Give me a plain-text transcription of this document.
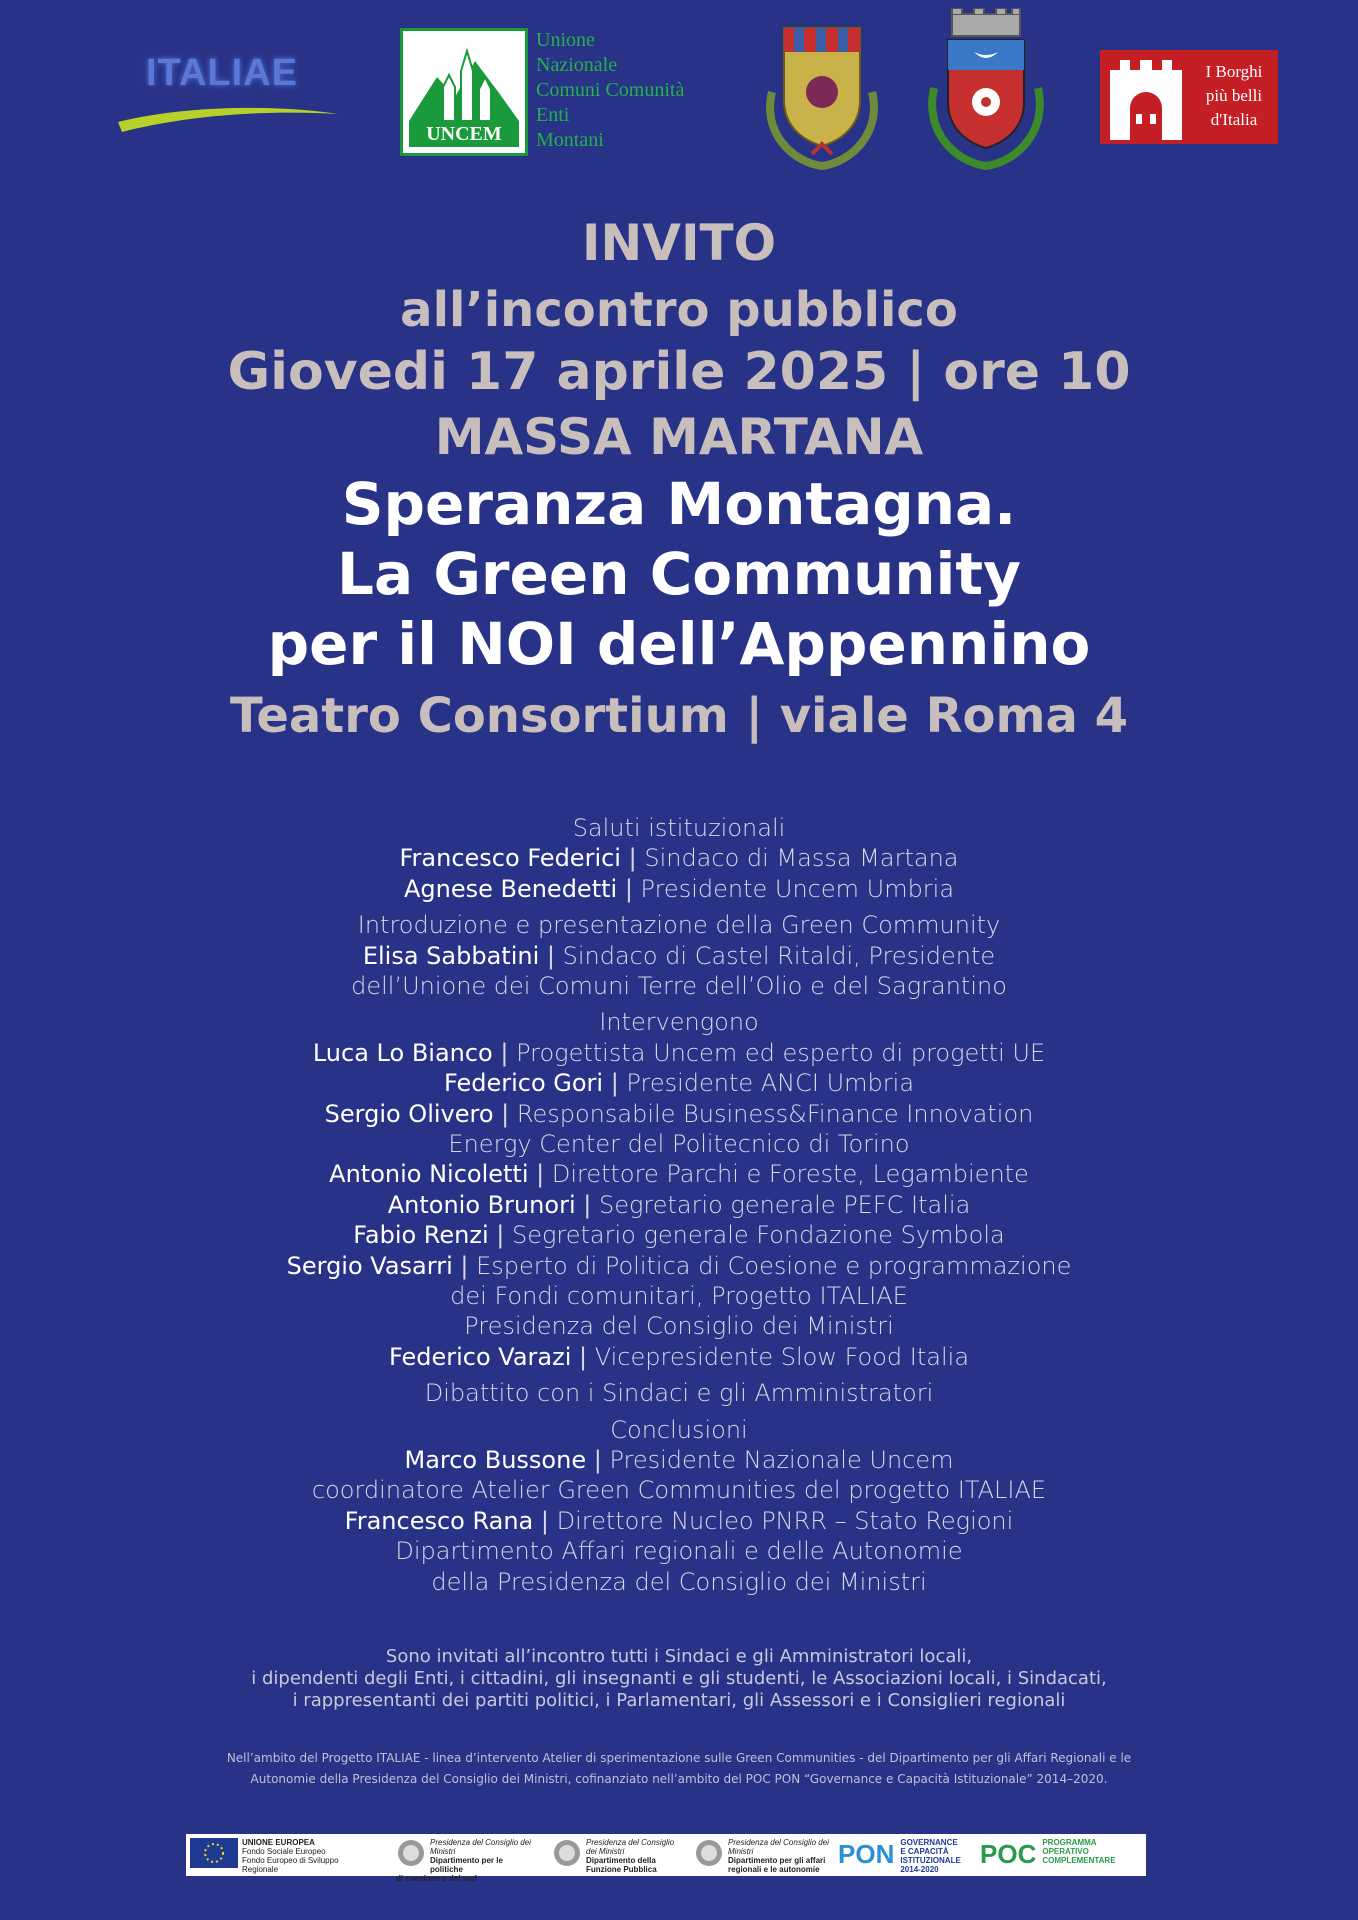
ITALIAE
UNCEM
Unione
Nazionale
Comuni Comunità
Enti
Montani
I Borghi
più belli
d'Italia
INVITO
all’incontro pubblico
Giovedi 17 aprile 2025 | ore 10
MASSA MARTANA
Speranza Montagna.
La Green Community
per il NOI dell’Appennino
Teatro Consortium | viale Roma 4
Saluti istituzionali
Francesco Federici | Sindaco di Massa Martana
Agnese Benedetti | Presidente Uncem Umbria
Introduzione e presentazione della Green Community
Elisa Sabbatini | Sindaco di Castel Ritaldi, Presidente
dell’Unione dei Comuni Terre dell’Olio e del Sagrantino
Intervengono
Luca Lo Bianco | Progettista Uncem ed esperto di progetti UE
Federico Gori | Presidente ANCI Umbria
Sergio Olivero | Responsabile Business&Finance Innovation
Energy Center del Politecnico di Torino
Antonio Nicoletti | Direttore Parchi e Foreste, Legambiente
Antonio Brunori | Segretario generale PEFC Italia
Fabio Renzi | Segretario generale Fondazione Symbola
Sergio Vasarri | Esperto di Politica di Coesione e programmazione
dei Fondi comunitari, Progetto ITALIAE
Presidenza del Consiglio dei Ministri
Federico Varazi | Vicepresidente Slow Food Italia
Dibattito con i Sindaci e gli Amministratori
Conclusioni
Marco Bussone | Presidente Nazionale Uncem
coordinatore Atelier Green Communities del progetto ITALIAE
Francesco Rana | Direttore Nucleo PNRR – Stato Regioni
Dipartimento Affari regionali e delle Autonomie
della Presidenza del Consiglio dei Ministri
Sono invitati all’incontro tutti i Sindaci e gli Amministratori locali,
i dipendenti degli Enti, i cittadini, gli insegnanti e gli studenti, le Associazioni locali, i Sindacati,
i rappresentanti dei partiti politici, i Parlamentari, gli Assessori e i Consiglieri regionali
Nell’ambito del Progetto ITALIAE - linea d’intervento Atelier di sperimentazione sulle Green Communities - del Dipartimento per gli Affari Regionali e le
Autonomie della Presidenza del Consiglio dei Ministri, cofinanziato nell’ambito del POC PON “Governance e Capacità Istituzionale” 2014–2020.
UNIONE EUROPEA
Fondo Sociale Europeo
Fondo Europeo di Sviluppo Regionale
Presidenza del Consiglio dei Ministri

Dipartimento per le politiche
di coesione e del sud
Presidenza del Consiglio dei Ministri

Dipartimento della
Funzione Pubblica
Presidenza del Consiglio dei Ministri

Dipartimento per gli affari
regionali e le autonomie
PON GOVERNANCE
E CAPACITÀ
ISTITUZIONALE
2014-2020
POC PROGRAMMA
OPERATIVO
COMPLEMENTARE
